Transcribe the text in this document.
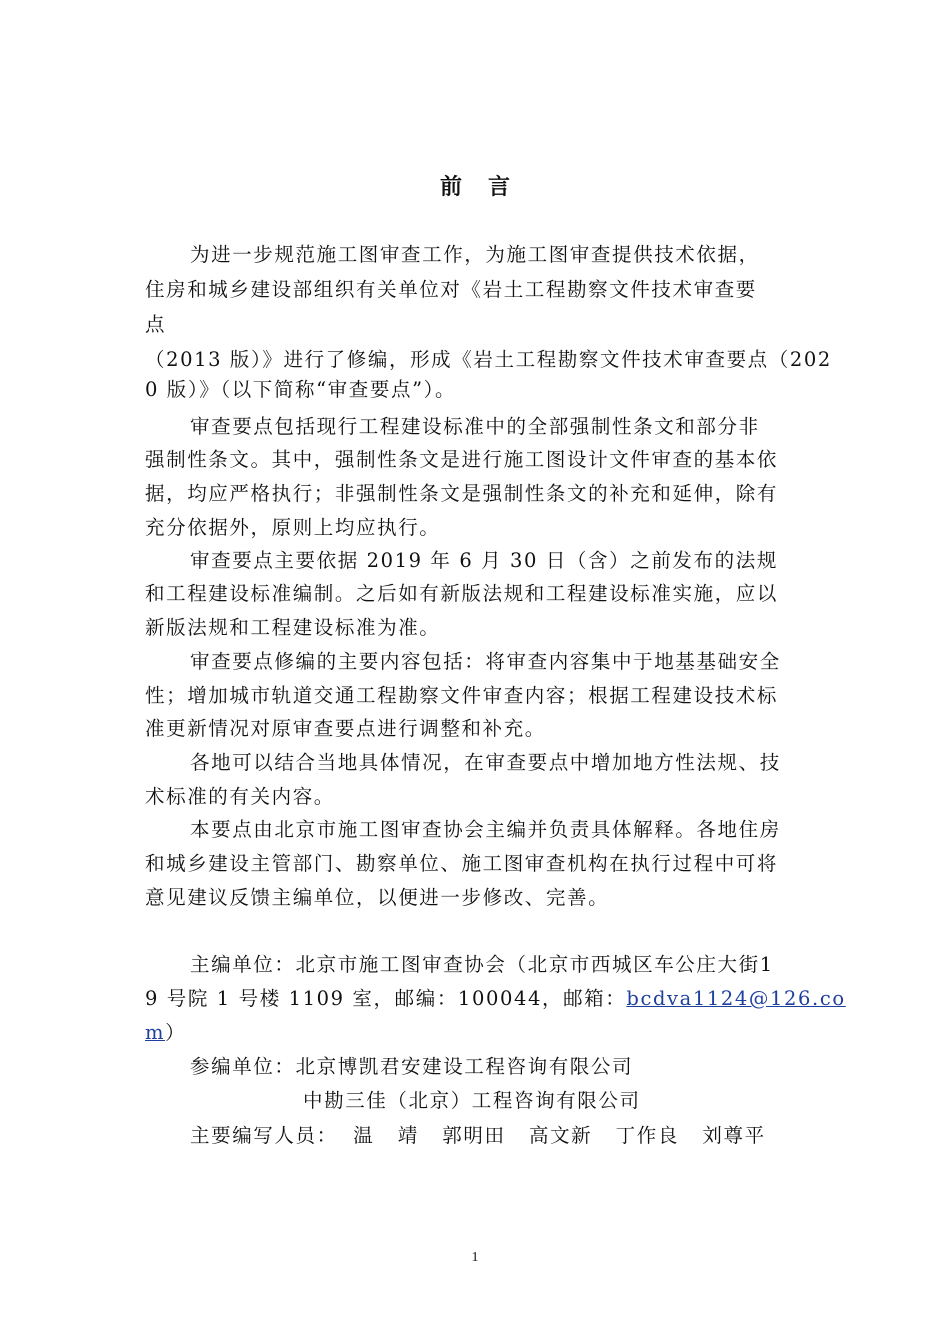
前 言
为进一步规范施工图审查工作，为施工图审查提供技术依据，
住房和城乡建设部组织有关单位对《岩土工程勘察文件技术审查要
点
（2013 版）》进行了修编，形成《岩土工程勘察文件技术审查要点（202
0 版）》（以下简称“审查要点”）。
审查要点包括现行工程建设标准中的全部强制性条文和部分非
强制性条文。其中，强制性条文是进行施工图设计文件审查的基本依
据，均应严格执行；非强制性条文是强制性条文的补充和延伸，除有
充分依据外，原则上均应执行。
审查要点主要依据 2019 年 6 月 30 日（含）之前发布的法规
和工程建设标准编制。之后如有新版法规和工程建设标准实施，应以
新版法规和工程建设标准为准。
审查要点修编的主要内容包括：将审查内容集中于地基基础安全
性；增加城市轨道交通工程勘察文件审查内容；根据工程建设技术标
准更新情况对原审查要点进行调整和补充。
各地可以结合当地具体情况，在审查要点中增加地方性法规、技
术标准的有关内容。
本要点由北京市施工图审查协会主编并负责具体解释。各地住房
和城乡建设主管部门、勘察单位、施工图审查机构在执行过程中可将
意见建议反馈主编单位，以便进一步修改、完善。
主编单位：北京市施工图审查协会（北京市西城区车公庄大街1
9 号院 1 号楼 1109 室，邮编：100044，邮箱：bcdva1124@126.co
m）
参编单位：北京博凯君安建设工程咨询有限公司
中勘三佳（北京）工程咨询有限公司
主要编写人员：  温   靖   郭明田   高文新   丁作良   刘尊平
1
